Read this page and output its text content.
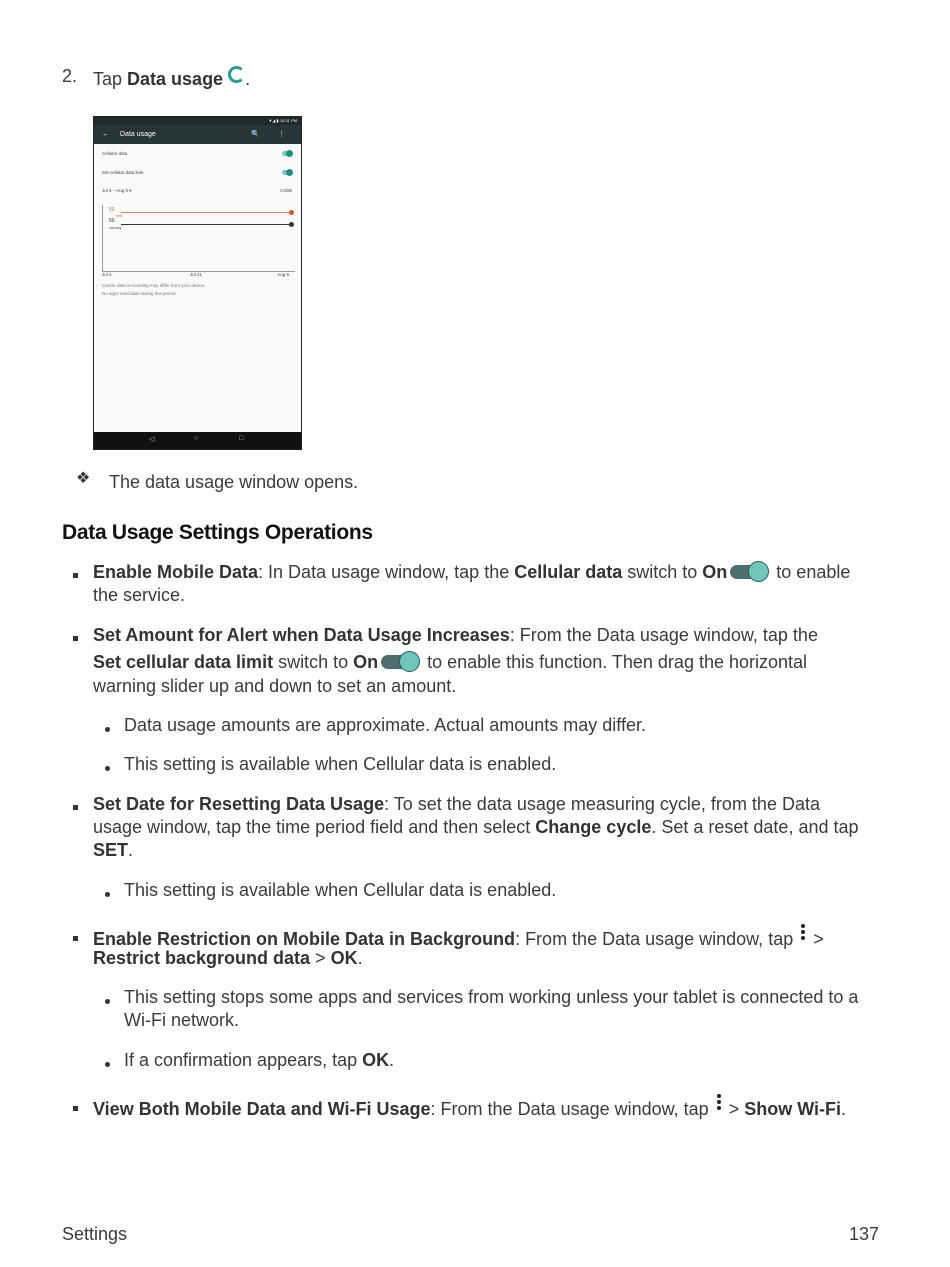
2. Tap Data usage .
▼◢ ▮ 10:31 PM
← Data usage	🔍 ⋮
Cellular data
Set cellular data limit
Jul 6 – Aug 5 ▾	0.00B
50
limit
50
warning
Jul 6	Jul 21	Aug 5
Carrier data accounting may differ from your device.
No apps used data during this period.
◁	○	□
❖ The data usage window opens.
Data Usage Settings Operations
Enable Mobile Data: In Data usage window, tap the Cellular data switch to On
to enable
the service.
Set Amount for Alert when Data Usage Increases: From the Data usage window, tap the
Set cellular data limit switch to On
to enable this function. Then drag the horizontal
warning slider up and down to set an amount.
Data usage amounts are approximate. Actual amounts may differ.
This setting is available when Cellular data is enabled.
Set Date for Resetting Data Usage: To set the data usage measuring cycle, from the Data
usage window, tap the time period field and then select Change cycle. Set a reset date, and tap
SET.
This setting is available when Cellular data is enabled.
Enable Restriction on Mobile Data in Background: From the Data usage window, tap
>
Restrict background data > OK.
This setting stops some apps and services from working unless your tablet is connected to a
Wi-Fi network.
If a confirmation appears, tap OK.
View Both Mobile Data and Wi-Fi Usage: From the Data usage window, tap
> Show Wi-Fi.
Settings	137
